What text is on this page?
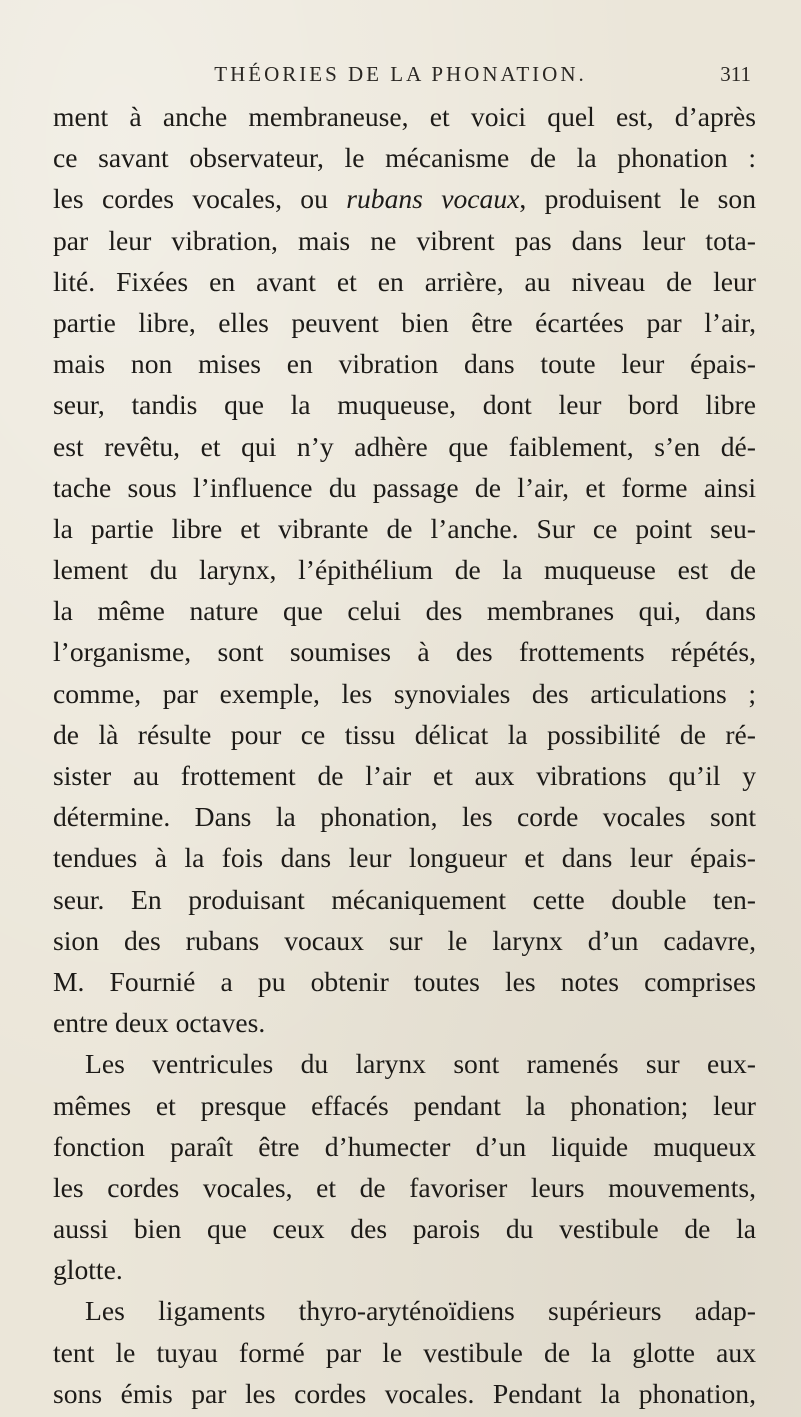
THÉORIES DE LA PHONATION.	311
ment à anche membraneuse, et voici quel est, d’après
ce savant observateur, le mécanisme de la phonation :
les cordes vocales, ou rubans vocaux, produisent le son
par leur vibration, mais ne vibrent pas dans leur tota-
lité. Fixées en avant et en arrière, au niveau de leur
partie libre, elles peuvent bien être écartées par l’air,
mais non mises en vibration dans toute leur épais-
seur, tandis que la muqueuse, dont leur bord libre
est revêtu, et qui n’y adhère que faiblement, s’en dé-
tache sous l’influence du passage de l’air, et forme ainsi
la partie libre et vibrante de l’anche. Sur ce point seu-
lement du larynx, l’épithélium de la muqueuse est de
la même nature que celui des membranes qui, dans
l’organisme, sont soumises à des frottements répétés,
comme, par exemple, les synoviales des articulations ;
de là résulte pour ce tissu délicat la possibilité de ré-
sister au frottement de l’air et aux vibrations qu’il y
détermine. Dans la phonation, les corde vocales sont
tendues à la fois dans leur longueur et dans leur épais-
seur. En produisant mécaniquement cette double ten-
sion des rubans vocaux sur le larynx d’un cadavre,
M. Fournié a pu obtenir toutes les notes comprises
entre deux octaves.
Les ventricules du larynx sont ramenés sur eux-
mêmes et presque effacés pendant la phonation; leur
fonction paraît être d’humecter d’un liquide muqueux
les cordes vocales, et de favoriser leurs mouvements,
aussi bien que ceux des parois du vestibule de la
glotte.
Les ligaments thyro-aryténoïdiens supérieurs adap-
tent le tuyau formé par le vestibule de la glotte aux
sons émis par les cordes vocales. Pendant la phonation,
